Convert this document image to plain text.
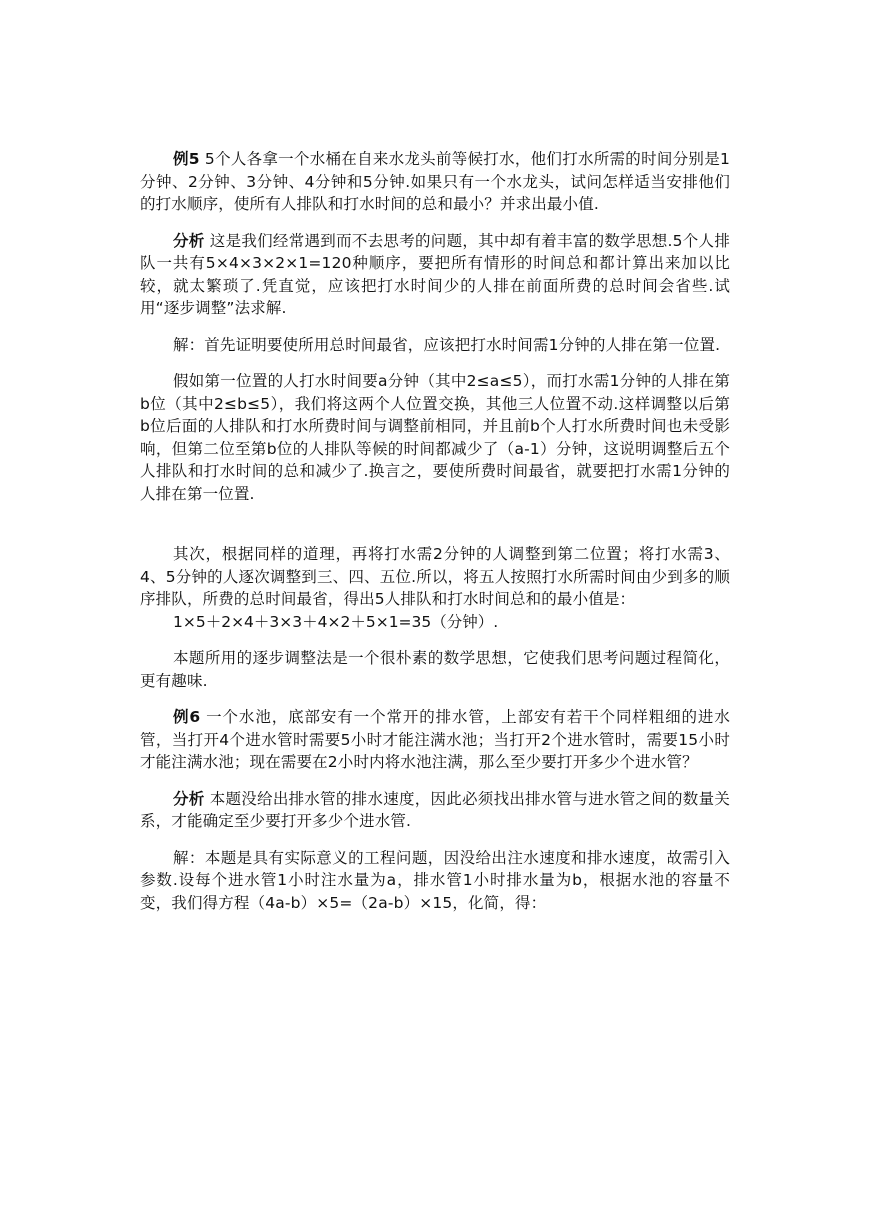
例5 5个人各拿一个水桶在自来水龙头前等候打水，他们打水所需的时间分别是1分钟、2分钟、3分钟、4分钟和5分钟.如果只有一个水龙头，试问怎样适当安排他们的打水顺序，使所有人排队和打水时间的总和最小？并求出最小值.

分析 这是我们经常遇到而不去思考的问题，其中却有着丰富的数学思想.5个人排队一共有5×4×3×2×1=120种顺序，要把所有情形的时间总和都计算出来加以比较，就太繁琐了.凭直觉，应该把打水时间少的人排在前面所费的总时间会省些.试用“逐步调整”法求解.

解：首先证明要使所用总时间最省，应该把打水时间需1分钟的人排在第一位置.

假如第一位置的人打水时间要a分钟（其中2≤a≤5），而打水需1分钟的人排在第b位（其中2≤b≤5），我们将这两个人位置交换，其他三人位置不动.这样调整以后第b位后面的人排队和打水所费时间与调整前相同，并且前b个人打水所费时间也未受影响，但第二位至第b位的人排队等候的时间都减少了（a-1）分钟，这说明调整后五个人排队和打水时间的总和减少了.换言之，要使所费时间最省，就要把打水需1分钟的人排在第一位置.

其次，根据同样的道理，再将打水需2分钟的人调整到第二位置；将打水需3、4、5分钟的人逐次调整到三、四、五位.所以，将五人按照打水所需时间由少到多的顺序排队，所费的总时间最省，得出5人排队和打水时间总和的最小值是：

1×5＋2×4＋3×3＋4×2＋5×1=35（分钟）.

本题所用的逐步调整法是一个很朴素的数学思想，它使我们思考问题过程简化，更有趣味.

例6 一个水池，底部安有一个常开的排水管，上部安有若干个同样粗细的进水管，当打开4个进水管时需要5小时才能注满水池；当打开2个进水管时，需要15小时才能注满水池；现在需要在2小时内将水池注满，那么至少要打开多少个进水管？

分析 本题没给出排水管的排水速度，因此必须找出排水管与进水管之间的数量关系，才能确定至少要打开多少个进水管.

解：本题是具有实际意义的工程问题，因没给出注水速度和排水速度，故需引入参数.设每个进水管1小时注水量为a，排水管1小时排水量为b，根据水池的容量不变，我们得方程（4a-b）×5=（2a-b）×15，化简，得：
